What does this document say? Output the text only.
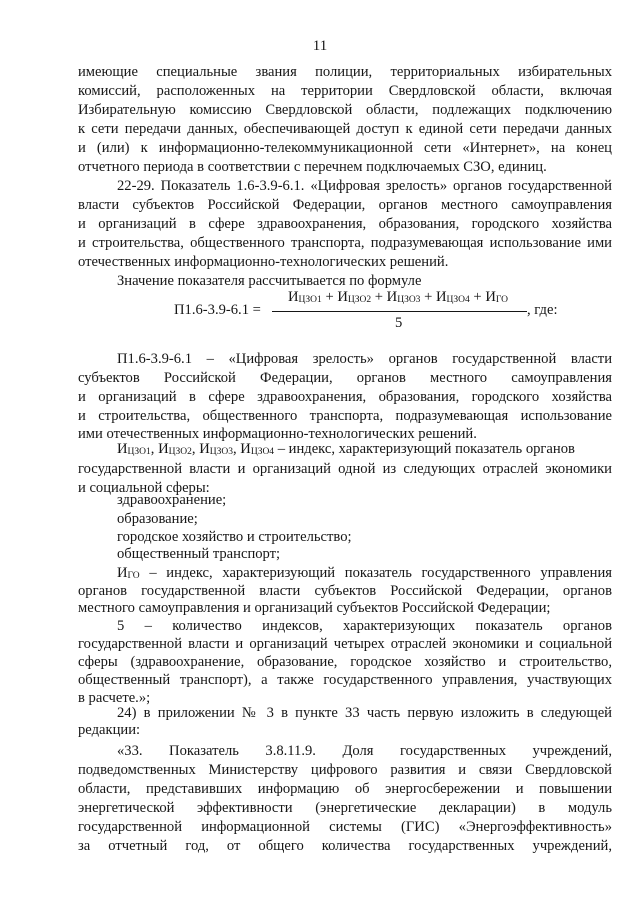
11

имеющие специальные звания полиции, территориальных избирательных

комиссий, расположенных на территории Свердловской области, включая

Избирательную комиссию Свердловской области, подлежащих подключению

к сети передачи данных, обеспечивающей доступ к единой сети передачи данных

и (или) к информационно-телекоммуникационной сети «Интернет», на конец

отчетного периода в соответствии с перечнем подключаемых СЗО, единиц.

22-29. Показатель 1.6-3.9-6.1. «Цифровая зрелость» органов государственной

власти субъектов Российской Федерации, органов местного самоуправления

и организаций в сфере здравоохранения, образования, городского хозяйства

и строительства, общественного транспорта, подразумевающая использование ими

отечественных информационно-технологических решений.

Значение показателя рассчитывается по формуле

П1.6-3.9-6.1 =
$И_{ЦЗО1} + И_{ЦЗО2} + И_{ЦЗО3} + И_{ЦЗО4} + И_{ГО}$
5
, где:

П1.6-3.9-6.1 – «Цифровая зрелость» органов государственной власти

субъектов Российской Федерации, органов местного самоуправления

и организаций в сфере здравоохранения, образования, городского хозяйства

и строительства, общественного транспорта, подразумевающая использование

ими отечественных информационно-технологических решений.

$И_{ЦЗО1}$, $И_{ЦЗО2}$, $И_{ЦЗО3}$, $И_{ЦЗО4}$ – индекс, характеризующий показатель органов

государственной власти и организаций одной из следующих отраслей экономики

и социальной сферы:

здравоохранение;

образование;

городское хозяйство и строительство;

общественный транспорт;

$И_{ГО}$ – индекс, характеризующий показатель государственного управления

органов государственной власти субъектов Российской Федерации, органов

местного самоуправления и организаций субъектов Российской Федерации;

5 – количество индексов, характеризующих показатель органов

государственной власти и организаций четырех отраслей экономики и социальной

сферы (здравоохранение, образование, городское хозяйство и строительство,

общественный транспорт), а также государственного управления, участвующих

в расчете.»;

24) в приложении № 3 в пункте 33 часть первую изложить в следующей

редакции:

«33. Показатель 3.8.11.9. Доля государственных учреждений,

подведомственных Министерству цифрового развития и связи Свердловской

области, представивших информацию об энергосбережении и повышении

энергетической эффективности (энергетические декларации) в модуль

государственной информационной системы (ГИС) «Энергоэффективность»

за отчетный год, от общего количества государственных учреждений,
